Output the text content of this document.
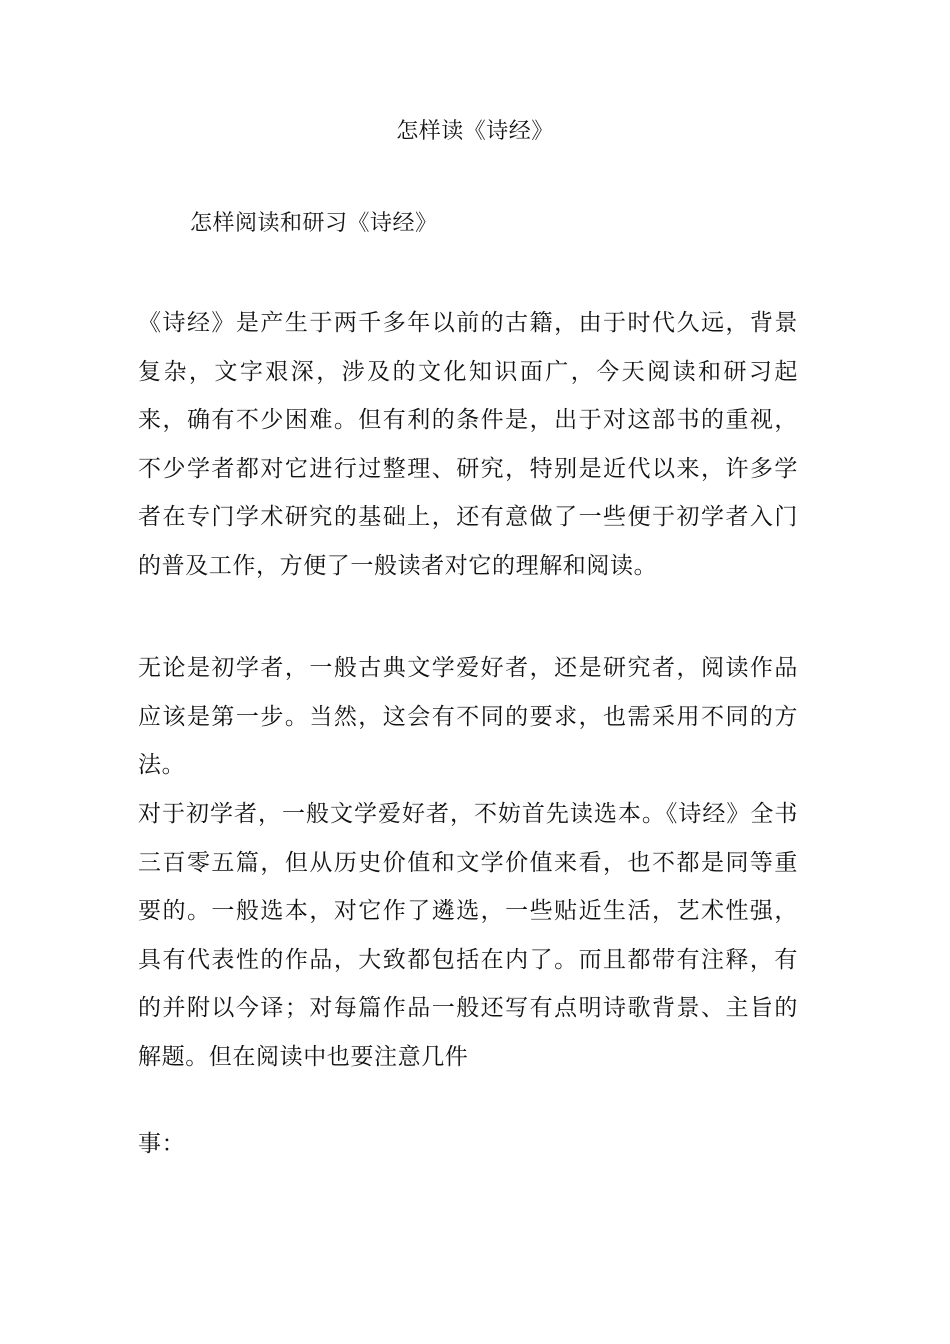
怎样读《诗经》
怎样阅读和研习《诗经》

《诗经》是产生于两千多年以前的古籍，由于时代久远，背景复杂，文字艰深，涉及的文化知识面广，今天阅读和研习起来，确有不少困难。但有利的条件是，出于对这部书的重视，不少学者都对它进行过整理、研究，特别是近代以来，许多学者在专门学术研究的基础上，还有意做了一些便于初学者入门的普及工作，方便了一般读者对它的理解和阅读。

无论是初学者，一般古典文学爱好者，还是研究者，阅读作品应该是第一步。当然，这会有不同的要求，也需采用不同的方法。

对于初学者，一般文学爱好者，不妨首先读选本。《诗经》全书三百零五篇，但从历史价值和文学价值来看，也不都是同等重要的。一般选本，对它作了遴选，一些贴近生活，艺术性强，具有代表性的作品，大致都包括在内了。而且都带有注释，有的并附以今译；对每篇作品一般还写有点明诗歌背景、主旨的解题。但在阅读中也要注意几件

事：
